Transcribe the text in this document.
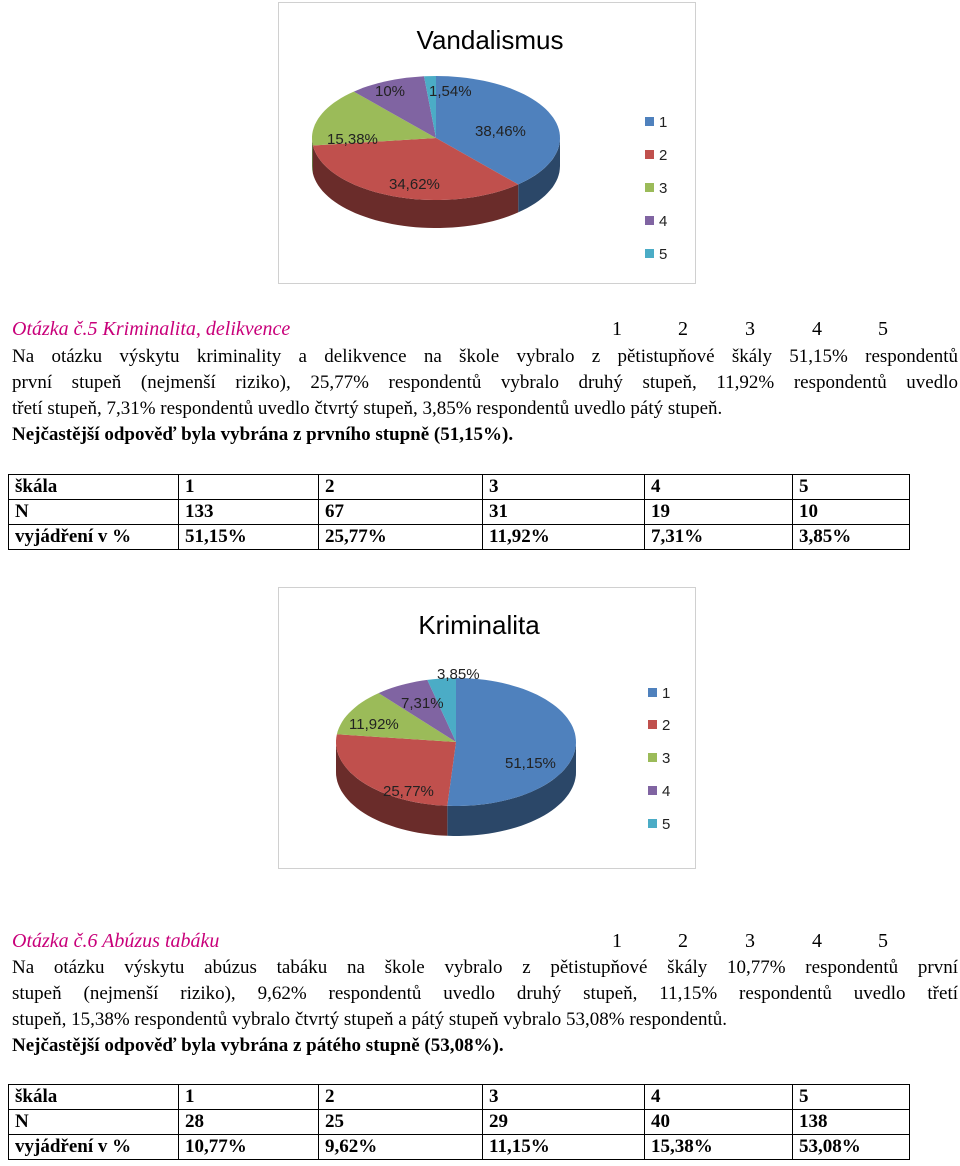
Vandalismus
38,46%
34,62%
15,38%
10% 1,54%
1
2
3
4
5
Otázka č.5 Kriminalita, delikvence	1	2	3	4	5
Na otázku výskytu kriminality a delikvence na škole vybralo z pětistupňové škály 51,15% respondentů
první stupeň (nejmenší riziko), 25,77% respondentů vybralo druhý stupeň, 11,92% respondentů uvedlo
třetí stupeň, 7,31% respondentů uvedlo čtvrtý stupeň, 3,85% respondentů uvedlo pátý stupeň.
Nejčastější odpověď byla vybrána z prvního stupně (51,15%).
škála	1	2	3	4	5
N	133	67	31	19	10
vyjádření v %	51,15%	25,77%	11,92%	7,31%	3,85%
Kriminalita
51,15%
25,77%
11,92%
7,31%
3,85%
1
2
3
4
5
Otázka č.6 Abúzus tabáku	1	2	3	4	5
Na otázku výskytu abúzus tabáku na škole vybralo z pětistupňové škály 10,77% respondentů první
stupeň (nejmenší riziko), 9,62% respondentů uvedlo druhý stupeň, 11,15% respondentů uvedlo třetí
stupeň, 15,38% respondentů vybralo čtvrtý stupeň a pátý stupeň vybralo 53,08% respondentů.
Nejčastější odpověď byla vybrána z pátého stupně (53,08%).
škála	1	2	3	4	5
N	28	25	29	40	138
vyjádření v %	10,77%	9,62%	11,15%	15,38%	53,08%
